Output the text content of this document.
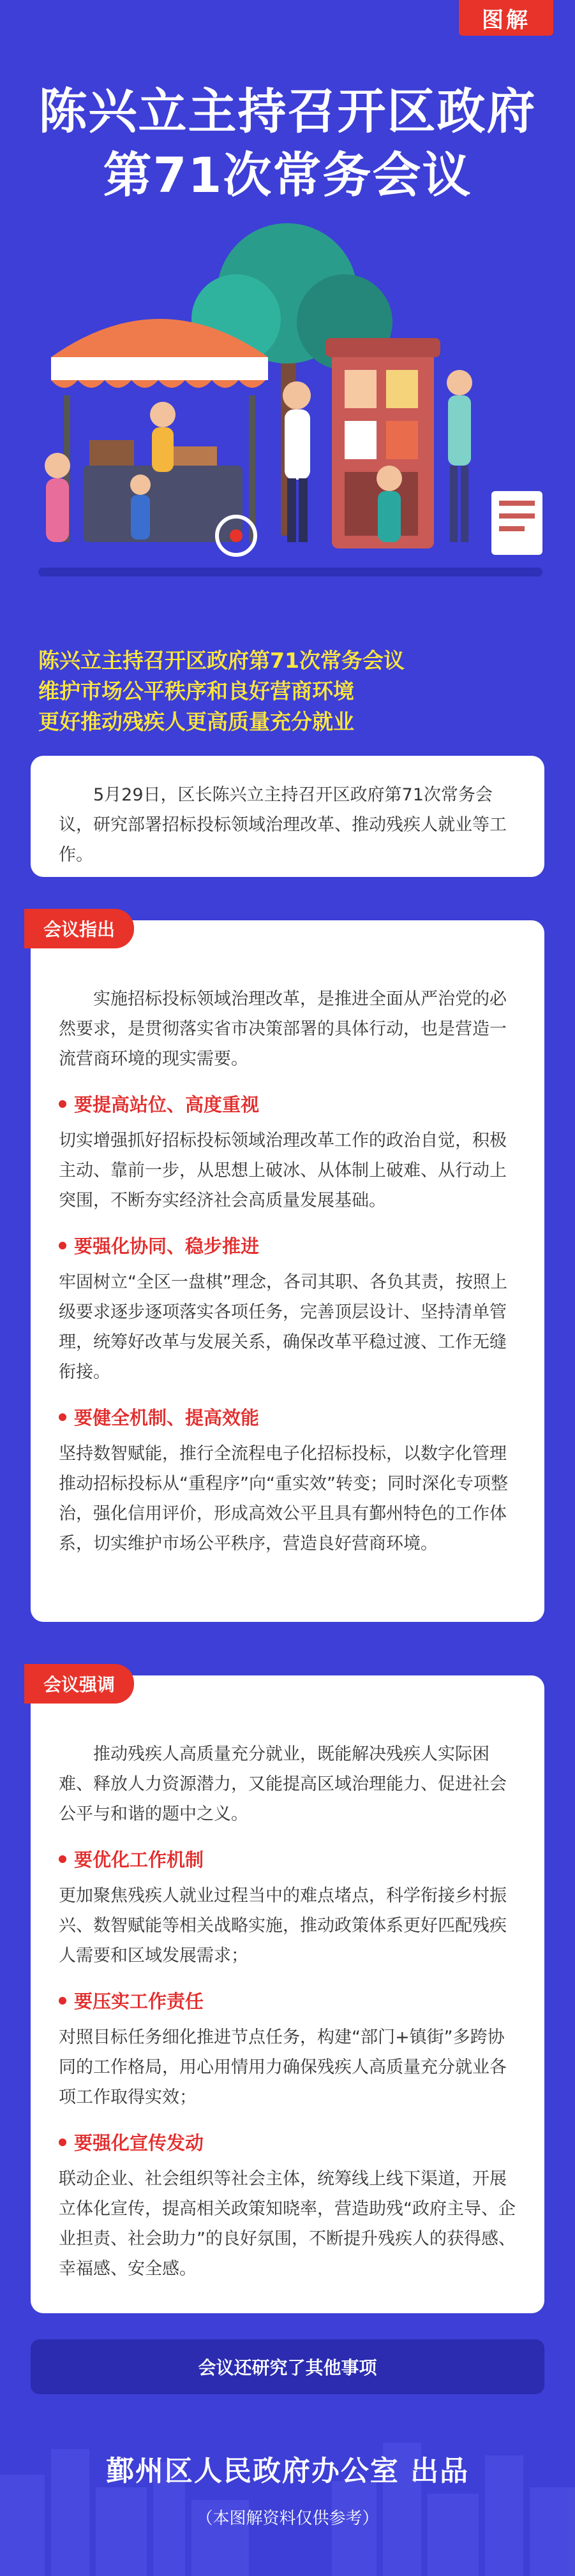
图解
陈兴立主持召开区政府
第71次常务会议
陈兴立主持召开区政府第71次常务会议
维护市场公平秩序和良好营商环境
更好推动残疾人更高质量充分就业

5月29日，区长陈兴立主持召开区政府第71次常务会议，研究部署招标投标领域治理改革、推动残疾人就业等工作。

会议指出

实施招标投标领域治理改革，是推进全面从严治党的必然要求，是贯彻落实省市决策部署的具体行动，也是营造一流营商环境的现实需要。

要提高站位、高度重视

切实增强抓好招标投标领域治理改革工作的政治自觉，积极主动、靠前一步，从思想上破冰、从体制上破难、从行动上突围，不断夯实经济社会高质量发展基础。

要强化协同、稳步推进

牢固树立“全区一盘棋”理念，各司其职、各负其责，按照上级要求逐步逐项落实各项任务，完善顶层设计、坚持清单管理，统筹好改革与发展关系，确保改革平稳过渡、工作无缝衔接。

要健全机制、提高效能

坚持数智赋能，推行全流程电子化招标投标，以数字化管理推动招标投标从“重程序”向“重实效”转变；同时深化专项整治，强化信用评价，形成高效公平且具有鄞州特色的工作体系，切实维护市场公平秩序，营造良好营商环境。

会议强调

推动残疾人高质量充分就业，既能解决残疾人实际困难、释放人力资源潜力，又能提高区域治理能力、促进社会公平与和谐的题中之义。

要优化工作机制

更加聚焦残疾人就业过程当中的难点堵点，科学衔接乡村振兴、数智赋能等相关战略实施，推动政策体系更好匹配残疾人需要和区域发展需求；

要压实工作责任

对照目标任务细化推进节点任务，构建“部门+镇街”多跨协同的工作格局，用心用情用力确保残疾人高质量充分就业各项工作取得实效；

要强化宣传发动

联动企业、社会组织等社会主体，统筹线上线下渠道，开展立体化宣传，提高相关政策知晓率，营造助残“政府主导、企业担责、社会助力”的良好氛围，不断提升残疾人的获得感、幸福感、安全感。

会议还研究了其他事项
鄞州区人民政府办公室 出品
（本图解资料仅供参考）
